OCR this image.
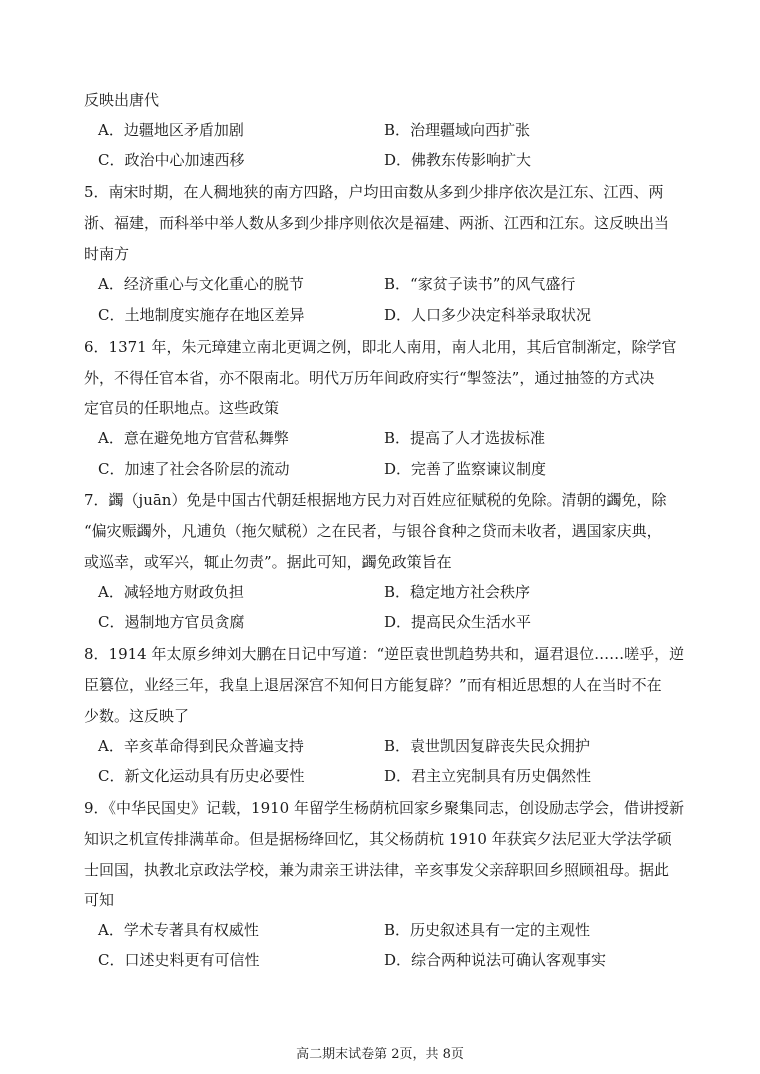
反映出唐代
A．边疆地区矛盾加剧	B．治理疆域向西扩张
C．政治中心加速西移	D．佛教东传影响扩大
5．南宋时期，在人稠地狭的南方四路，户均田亩数从多到少排序依次是江东、江西、两
浙、福建，而科举中举人数从多到少排序则依次是福建、两浙、江西和江东。这反映出当
时南方
A．经济重心与文化重心的脱节	B．“家贫子读书”的风气盛行
C．土地制度实施存在地区差异	D．人口多少决定科举录取状况
6．1371 年，朱元璋建立南北更调之例，即北人南用，南人北用，其后官制渐定，除学官
外，不得任官本省，亦不限南北。明代万历年间政府实行“掣签法”，通过抽签的方式决
定官员的任职地点。这些政策
A．意在避免地方官营私舞弊	B．提高了人才选拔标准
C．加速了社会各阶层的流动	D．完善了监察谏议制度
7．蠲（juān）免是中国古代朝廷根据地方民力对百姓应征赋税的免除。清朝的蠲免，除
“偏灾赈蠲外，凡逋负（拖欠赋税）之在民者，与银谷食种之贷而未收者，遇国家庆典，
或巡幸，或军兴，辄止勿责”。据此可知，蠲免政策旨在
A．减轻地方财政负担	B．稳定地方社会秩序
C．遏制地方官员贪腐	D．提高民众生活水平
8．1914 年太原乡绅刘大鹏在日记中写道：“逆臣袁世凯趋势共和，逼君退位……嗟乎，逆
臣篡位，业经三年，我皇上退居深宫不知何日方能复辟？”而有相近思想的人在当时不在
少数。这反映了
A．辛亥革命得到民众普遍支持	B．袁世凯因复辟丧失民众拥护
C．新文化运动具有历史必要性	D．君主立宪制具有历史偶然性
9．《中华民国史》记载，1910 年留学生杨荫杭回家乡聚集同志，创设励志学会，借讲授新
知识之机宣传排满革命。但是据杨绛回忆，其父杨荫杭 1910 年获宾夕法尼亚大学法学硕
士回国，执教北京政法学校，兼为肃亲王讲法律，辛亥事发父亲辞职回乡照顾祖母。据此
可知
A．学术专著具有权威性	B．历史叙述具有一定的主观性
C．口述史料更有可信性	D．综合两种说法可确认客观事实
高二期末试卷第 2页，共 8页
